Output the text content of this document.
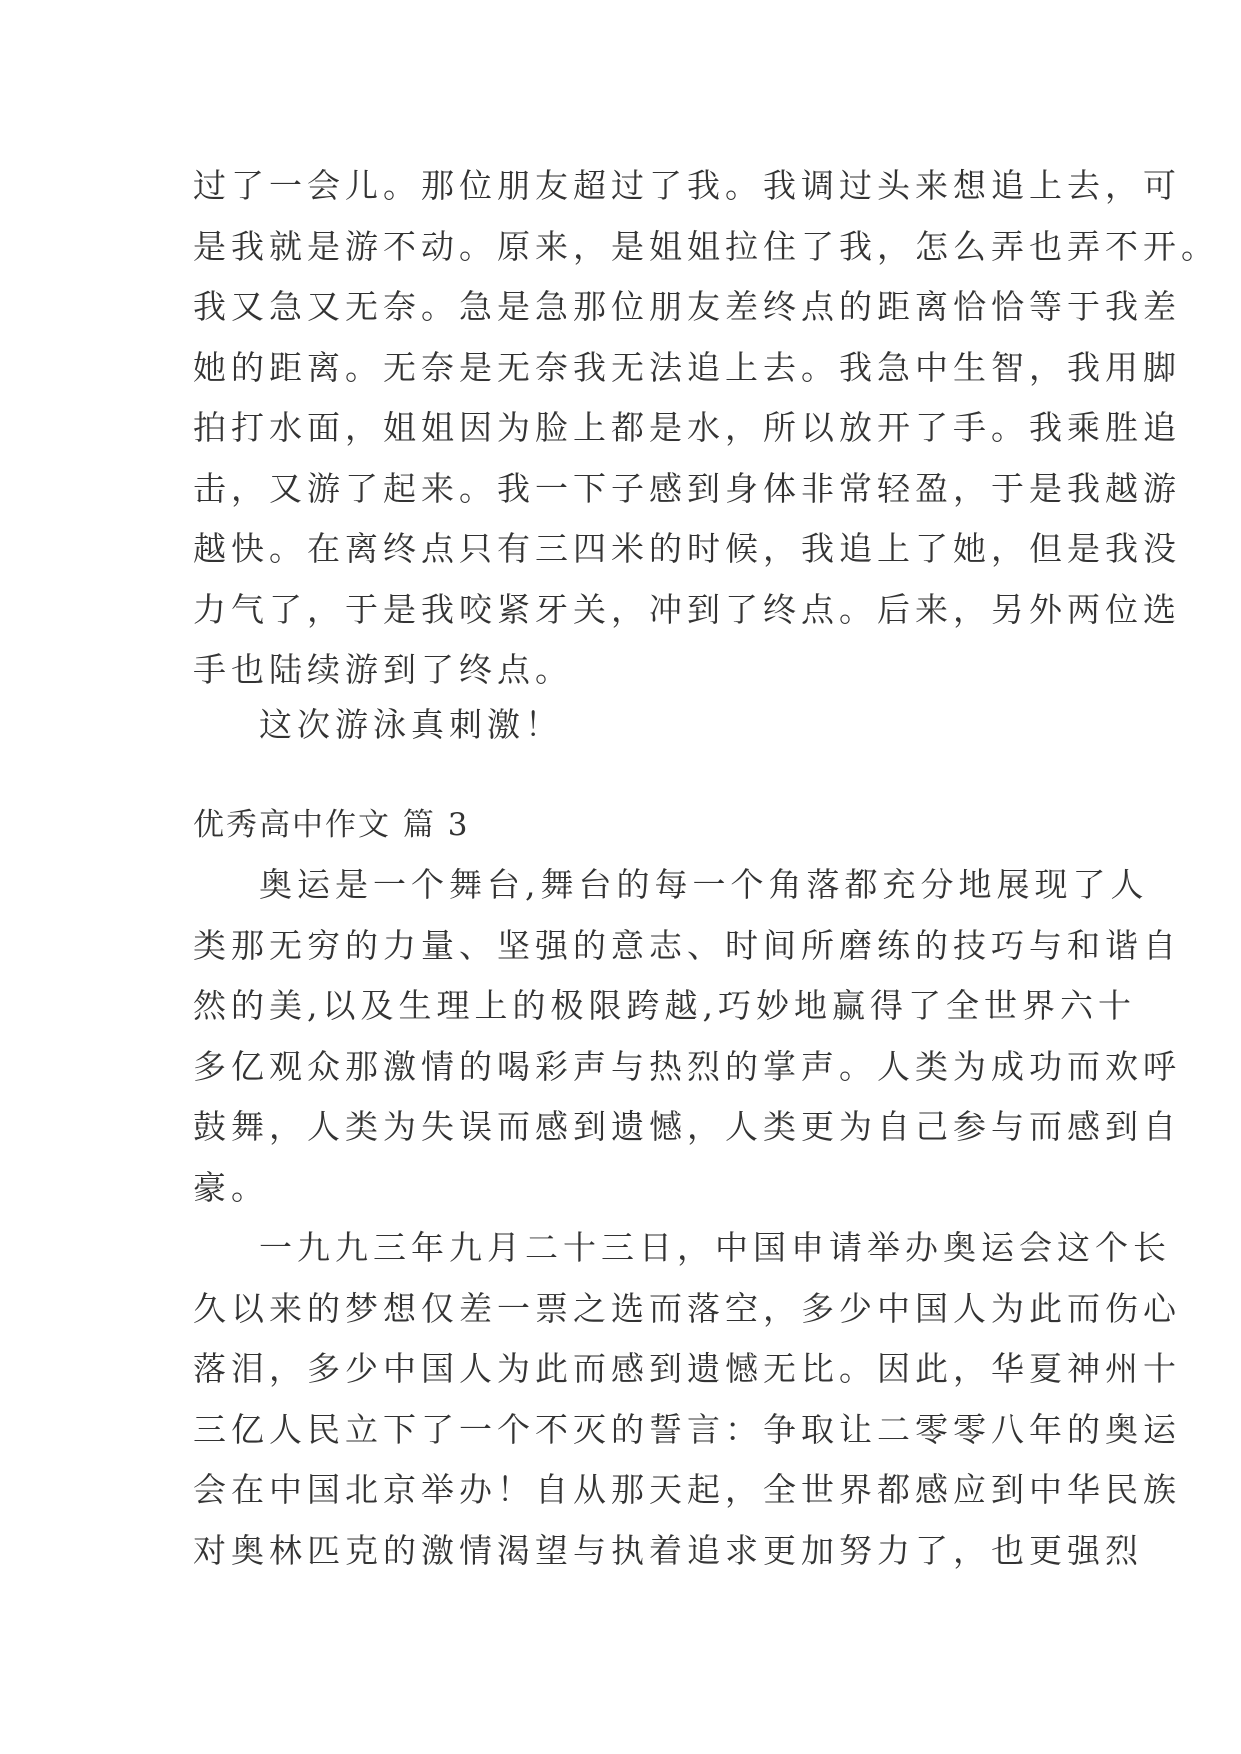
过了一会儿。那位朋友超过了我。我调过头来想追上去，可
是我就是游不动。原来，是姐姐拉住了我，怎么弄也弄不开。
我又急又无奈。急是急那位朋友差终点的距离恰恰等于我差
她的距离。无奈是无奈我无法追上去。我急中生智，我用脚
拍打水面，姐姐因为脸上都是水，所以放开了手。我乘胜追
击，又游了起来。我一下子感到身体非常轻盈，于是我越游
越快。在离终点只有三四米的时候，我追上了她，但是我没
力气了，于是我咬紧牙关，冲到了终点。后来，另外两位选
手也陆续游到了终点。
这次游泳真刺激！
优秀高中作文 篇 3
奥运是一个舞台,舞台的每一个角落都充分地展现了人
类那无穷的力量、坚强的意志、时间所磨练的技巧与和谐自
然的美,以及生理上的极限跨越,巧妙地赢得了全世界六十
多亿观众那激情的喝彩声与热烈的掌声。人类为成功而欢呼
鼓舞，人类为失误而感到遗憾，人类更为自己参与而感到自
豪。
一九九三年九月二十三日，中国申请举办奥运会这个长
久以来的梦想仅差一票之选而落空，多少中国人为此而伤心
落泪，多少中国人为此而感到遗憾无比。因此，华夏神州十
三亿人民立下了一个不灭的誓言：争取让二零零八年的奥运
会在中国北京举办！自从那天起，全世界都感应到中华民族
对奥林匹克的激情渴望与执着追求更加努力了，也更强烈
